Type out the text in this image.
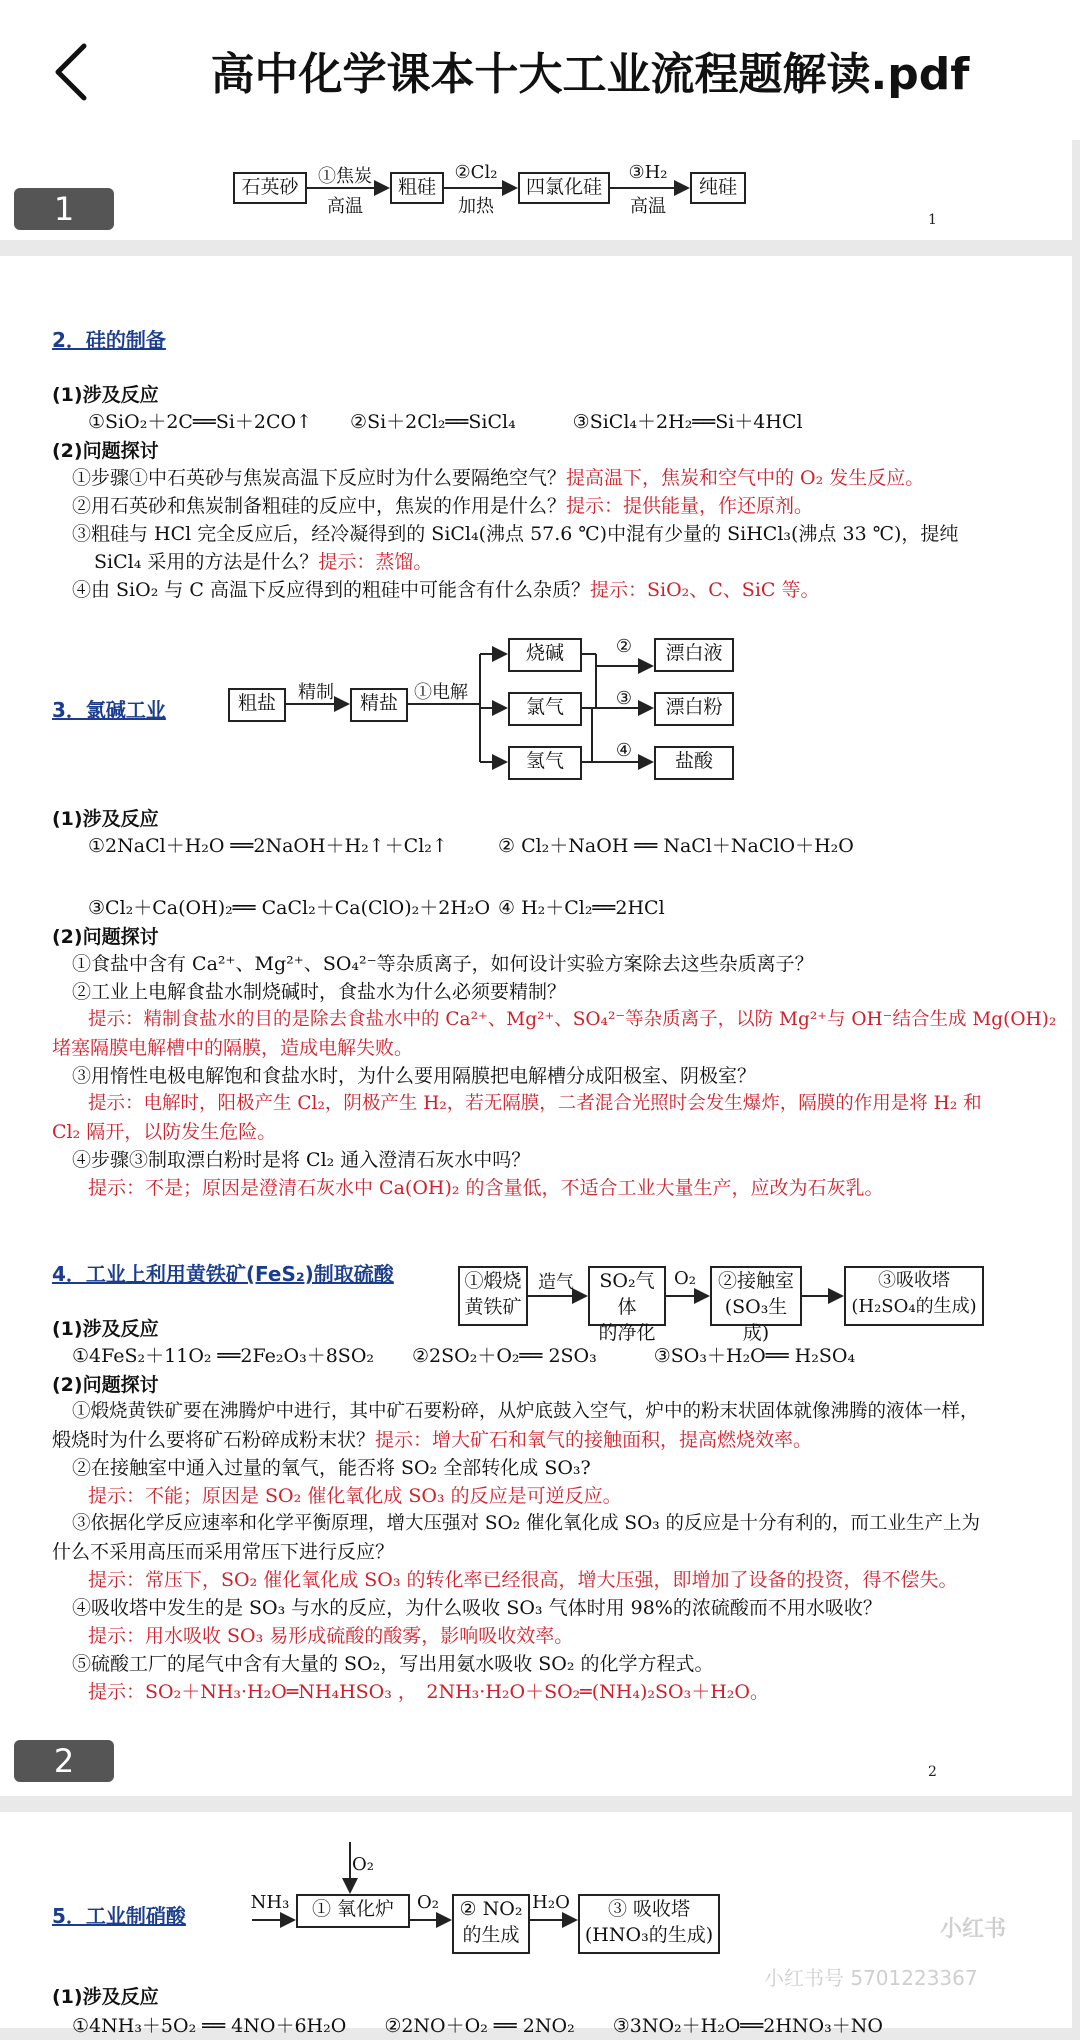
高中化学课本十大工业流程题解读.pdf
1	1
石英砂	①焦炭
高温
粗硅
②Cl₂
加热
四氯化硅
③H₂
高温
纯硅
2．硅的制备
(1)涉及反应
①SiO₂＋2C══Si＋2CO↑　　②Si＋2Cl₂══SiCl₄　　　③SiCl₄＋2H₂══Si＋4HCl
(2)问题探讨
①步骤①中石英砂与焦炭高温下反应时为什么要隔绝空气？提高温下，焦炭和空气中的 O₂ 发生反应。
②用石英砂和焦炭制备粗硅的反应中，焦炭的作用是什么？提示：提供能量，作还原剂。
③粗硅与 HCl 完全反应后，经冷凝得到的 SiCl₄(沸点 57.6 ℃)中混有少量的 SiHCl₃(沸点 33 ℃)，提纯
SiCl₄ 采用的方法是什么？提示：蒸馏。
④由 SiO₂ 与 C 高温下反应得到的粗硅中可能含有什么杂质？提示：SiO₂、C、SiC 等。
3．氯碱工业	粗盐	精制	精盐 ①电解
烧碱
氯气
氢气
②
③
④
漂白液
漂白粉
盐酸
(1)涉及反应
①2NaCl＋H₂O ══2NaOH＋H₂↑＋Cl₂↑	② Cl₂＋NaOH ══ NaCl＋NaClO＋H₂O
③Cl₂＋Ca(OH)₂══ CaCl₂＋Ca(ClO)₂＋2H₂O ④ H₂＋Cl₂══2HCl
(2)问题探讨
①食盐中含有 Ca²⁺、Mg²⁺、SO₄²⁻等杂质离子，如何设计实验方案除去这些杂质离子？
②工业上电解食盐水制烧碱时，食盐水为什么必须要精制？
提示：精制食盐水的目的是除去食盐水中的 Ca²⁺、Mg²⁺、SO₄²⁻等杂质离子，以防 Mg²⁺与 OH⁻结合生成 Mg(OH)₂
堵塞隔膜电解槽中的隔膜，造成电解失败。
③用惰性电极电解饱和食盐水时，为什么要用隔膜把电解槽分成阳极室、阴极室？
提示：电解时，阳极产生 Cl₂，阴极产生 H₂，若无隔膜，二者混合光照时会发生爆炸，隔膜的作用是将 H₂ 和
Cl₂ 隔开，以防发生危险。
④步骤③制取漂白粉时是将 Cl₂ 通入澄清石灰水中吗？
提示：不是；原因是澄清石灰水中 Ca(OH)₂ 的含量低，不适合工业大量生产，应改为石灰乳。
4．工业上利用黄铁矿(FeS₂)制取硫酸	①煅烧
黄铁矿
造气	SO₂气体
的净化
O₂	②接触室
(SO₃生成)
③吸收塔
(H₂SO₄的生成)
(1)涉及反应
①4FeS₂＋11O₂ ══2Fe₂O₃＋8SO₂　　②2SO₂＋O₂══ 2SO₃　　　③SO₃＋H₂O══ H₂SO₄
(2)问题探讨
①煅烧黄铁矿要在沸腾炉中进行，其中矿石要粉碎，从炉底鼓入空气，炉中的粉末状固体就像沸腾的液体一样，
煅烧时为什么要将矿石粉碎成粉末状？提示：增大矿石和氧气的接触面积，提高燃烧效率。
②在接触室中通入过量的氧气，能否将 SO₂ 全部转化成 SO₃?
提示：不能；原因是 SO₂ 催化氧化成 SO₃ 的反应是可逆反应。
③依据化学反应速率和化学平衡原理，增大压强对 SO₂ 催化氧化成 SO₃ 的反应是十分有利的，而工业生产上为
什么不采用高压而采用常压下进行反应？
提示：常压下，SO₂ 催化氧化成 SO₃ 的转化率已经很高，增大压强，即增加了设备的投资，得不偿失。
④吸收塔中发生的是 SO₃ 与水的反应，为什么吸收 SO₃ 气体时用 98%的浓硫酸而不用水吸收？
提示：用水吸收 SO₃ 易形成硫酸的酸雾，影响吸收效率。
⑤硫酸工厂的尾气中含有大量的 SO₂，写出用氨水吸收 SO₂ 的化学方程式。
提示：SO₂＋NH₃·H₂O═NH₄HSO₃ ，　2NH₃·H₂O＋SO₂═(NH₄)₂SO₃＋H₂O。
2	2
O₂
NH₃	① 氧化炉	O₂	② NO₂
的生成
H₂O	③ 吸收塔
(HNO₃的生成)
5．工业制硝酸
(1)涉及反应
①4NH₃＋5O₂ ══ 4NO＋6H₂O　　②2NO＋O₂ ══ 2NO₂　　③3NO₂＋H₂O══2HNO₃＋NO
小红书
小红书号 5701223367
